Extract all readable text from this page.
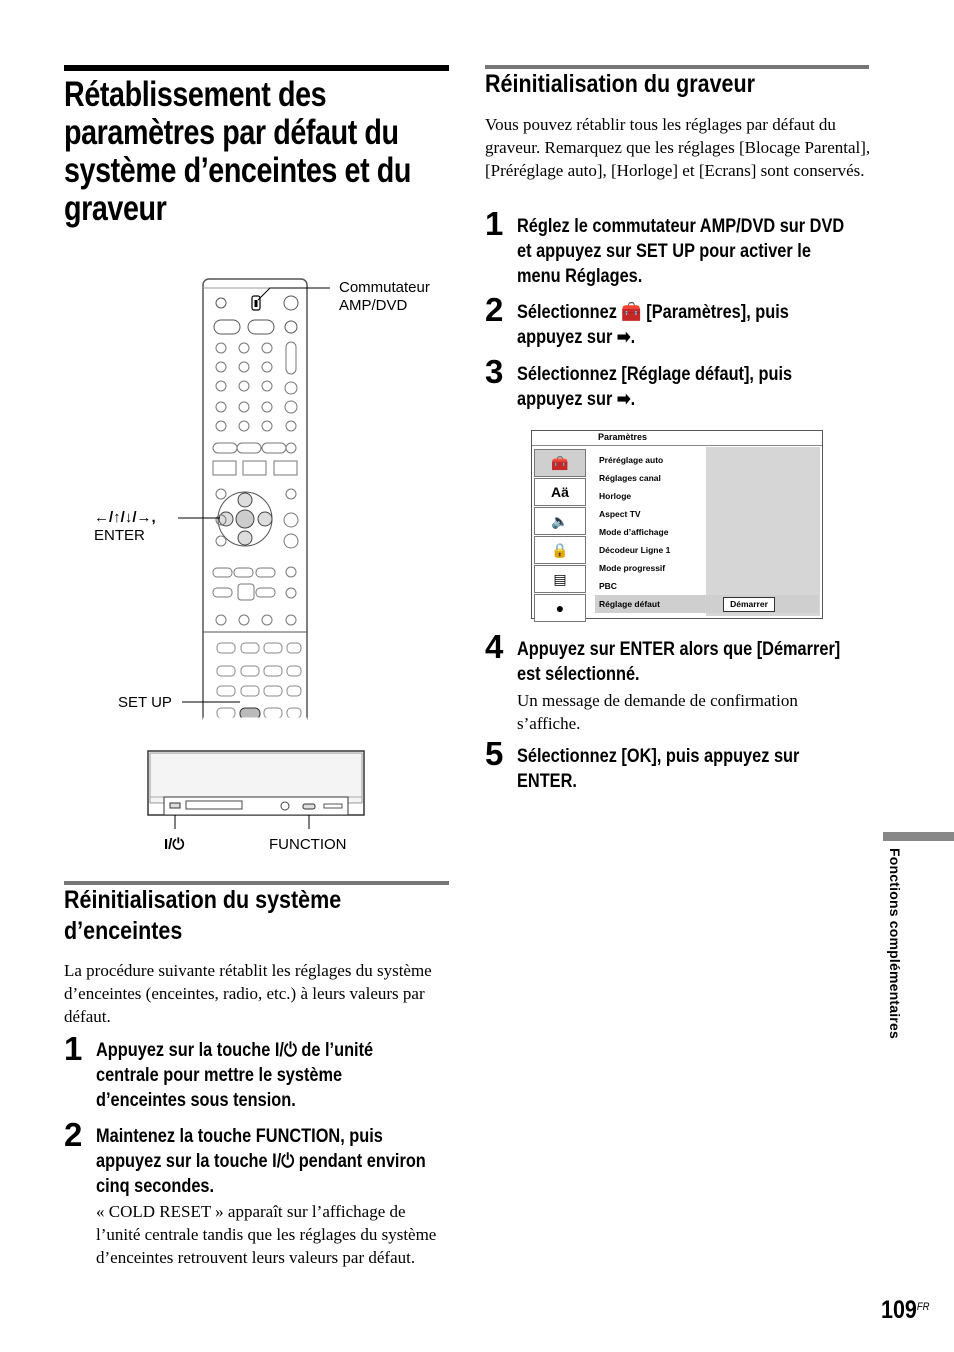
Rétablissement des
paramètres par défaut du
système d’enceintes et du
graveur
Commutateur
AMP/DVD
←/↑/↓/→,
ENTER
SET UP
I/⏻	FUNCTION
Réinitialisation du système
d’enceintes
La procédure suivante rétablit les réglages du système d’enceintes (enceintes, radio, etc.) à leurs valeurs par défaut.
1 Appuyez sur la touche I/⏻ de l’unité
centrale pour mettre le système
d’enceintes sous tension.
2 Maintenez la touche FUNCTION, puis
appuyez sur la touche I/⏻ pendant environ
cinq secondes.
« COLD RESET » apparaît sur l’affichage de l’unité centrale tandis que les réglages du système d’enceintes retrouvent leurs valeurs par défaut.
Réinitialisation du graveur
Vous pouvez rétablir tous les réglages par défaut du graveur. Remarquez que les réglages [Blocage Parental], [Préréglage auto], [Horloge] et [Ecrans] sont conservés.
1 Réglez le commutateur AMP/DVD sur DVD
et appuyez sur SET UP pour activer le
menu Réglages.
2 Sélectionnez 🧰 [Paramètres], puis
appuyez sur ➡.
3 Sélectionnez [Réglage défaut], puis
appuyez sur ➡.
Paramètres
🧰
Aä
🔈
🔒
▤
●
Préréglage auto
Réglages canal
Horloge
Aspect TV
Mode d’affichage
Décodeur Ligne 1
Mode progressif
PBC
Réglage défaut	Démarrer
4 Appuyez sur ENTER alors que [Démarrer]
est sélectionné.
Un message de demande de confirmation s’affiche.
5 Sélectionnez [OK], puis appuyez sur
ENTER.
Fonctions complémentaires
$109^{FR}$
